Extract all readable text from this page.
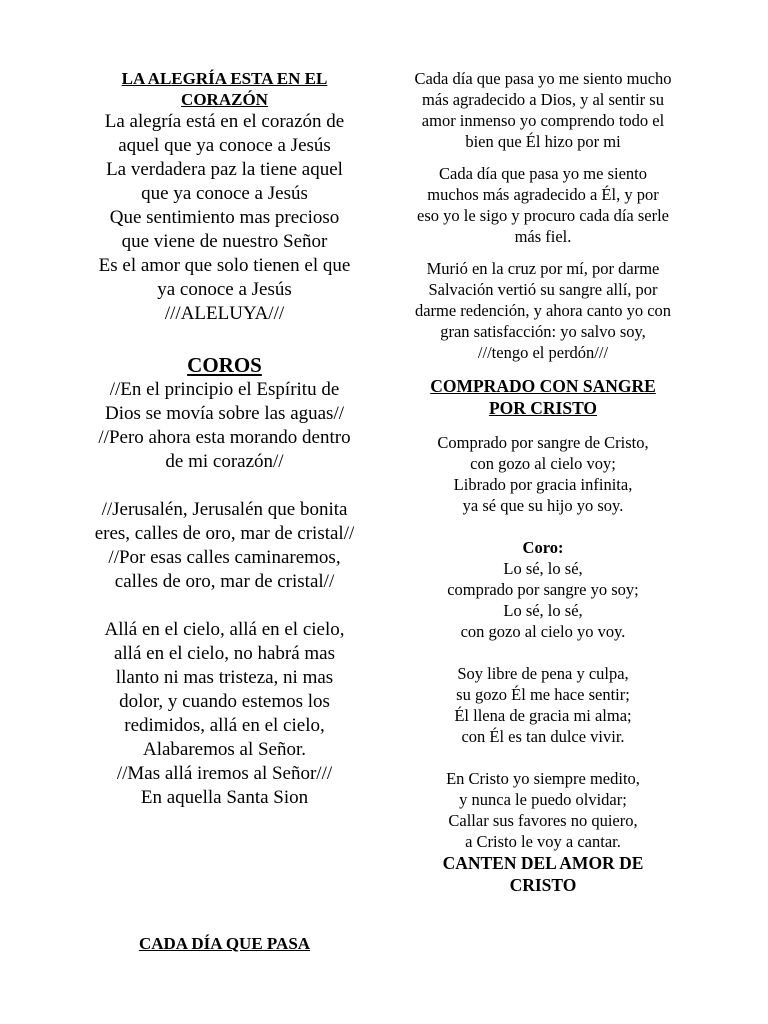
LA ALEGRÍA ESTA EN EL
CORAZÓN
La alegría está en el corazón de
aquel que ya conoce a Jesús
La verdadera paz la tiene aquel
que ya conoce a Jesús
Que sentimiento mas precioso
que viene de nuestro Señor
Es el amor que solo tienen el que
ya conoce a Jesús
///ALELUYA///
COROS
//En el principio el Espíritu de
Dios se movía sobre las aguas//
//Pero ahora esta morando dentro
de mi corazón//
//Jerusalén, Jerusalén que bonita
eres, calles de oro, mar de cristal//
//Por esas calles caminaremos,
calles de oro, mar de cristal//
Allá en el cielo, allá en el cielo,
allá en el cielo, no habrá mas
llanto ni mas tristeza, ni mas
dolor, y cuando estemos los
redimidos, allá en el cielo,
Alabaremos al Señor.
//Mas allá iremos al Señor///
En aquella Santa Sion
CADA DÍA QUE PASA
Cada día que pasa yo me siento mucho
más agradecido a Dios, y al sentir su
amor inmenso yo comprendo todo el
bien que Él hizo por mi
Cada día que pasa yo me siento
muchos más agradecido a Él, y por
eso yo le sigo y procuro cada día serle
más fiel.
Murió en la cruz por mí, por darme
Salvación vertió su sangre allí, por
darme redención, y ahora canto yo con
gran satisfacción: yo salvo soy,
///tengo el perdón///
COMPRADO CON SANGRE
POR CRISTO
Comprado por sangre de Cristo,
con gozo al cielo voy;
Librado por gracia infinita,
ya sé que su hijo yo soy.
Coro:
Lo sé, lo sé,
comprado por sangre yo soy;
Lo sé, lo sé,
con gozo al cielo yo voy.
Soy libre de pena y culpa,
su gozo Él me hace sentir;
Él llena de gracia mi alma;
con Él es tan dulce vivir.
En Cristo yo siempre medito,
y nunca le puedo olvidar;
Callar sus favores no quiero,
a Cristo le voy a cantar.
CANTEN DEL AMOR DE
CRISTO
